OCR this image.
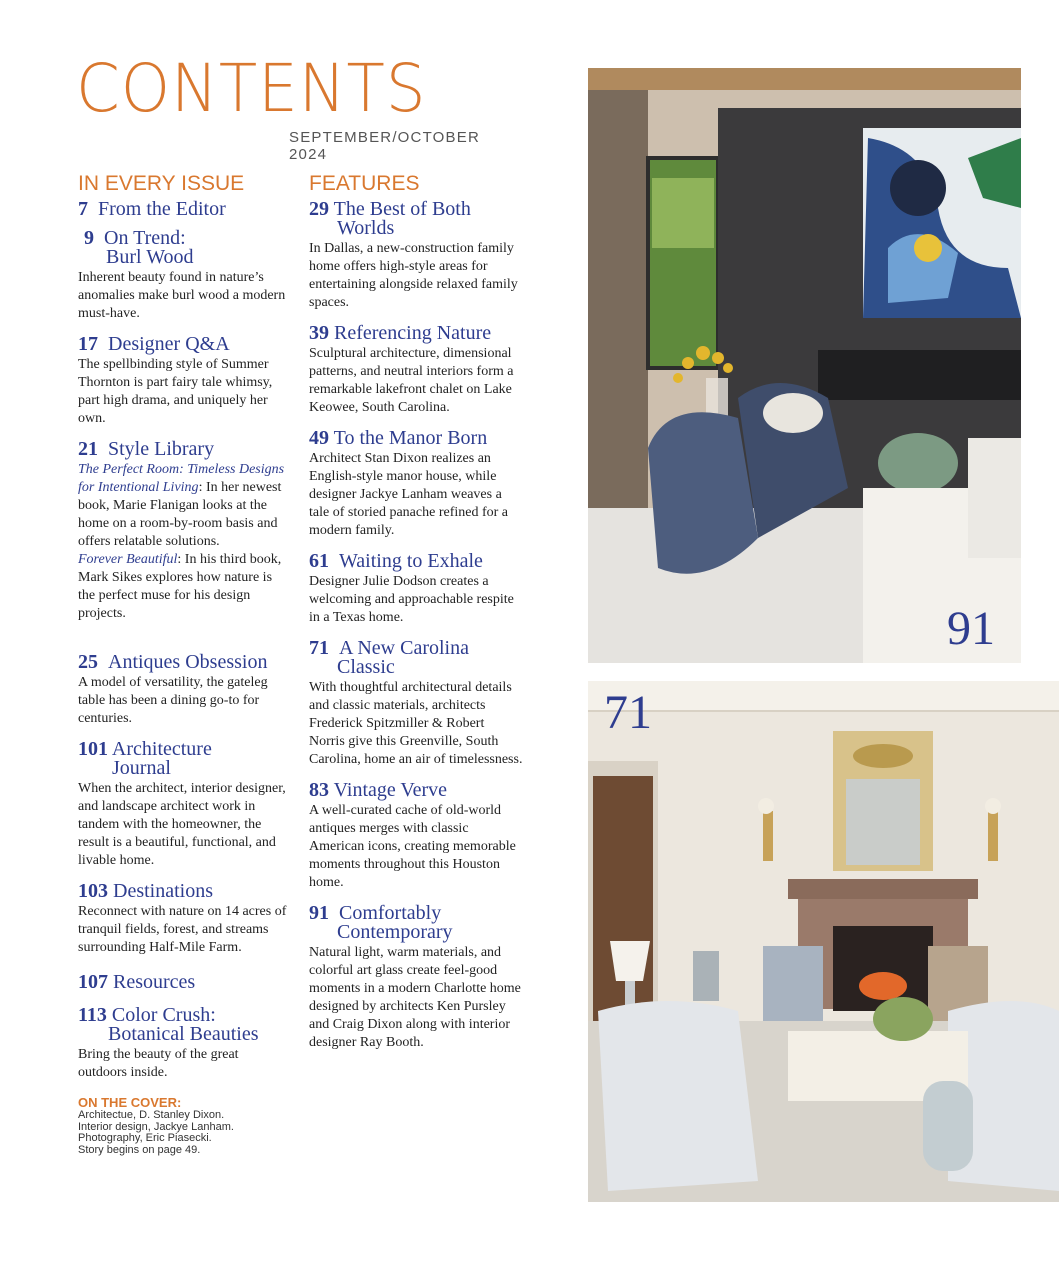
CONTENTS
SEPTEMBER/OCTOBER 2024
IN EVERY ISSUE
7 From the Editor
9 On Trend:
Burl Wood

Inherent beauty found in nature’s anomalies make burl wood a modern must-have.

17 Designer Q&A

The spellbinding style of Summer Thornton is part fairy tale whimsy, part high drama, and uniquely her own.

21 Style Library

The Perfect Room: Timeless Designs for Intentional Living: In her newest book, Marie Flanigan looks at the home on a room-by-room basis and offers relatable solutions.

Forever Beautiful: In his third book, Mark Sikes explores how nature is the perfect muse for his design projects.

25 Antiques Obsession

A model of versatility, the gateleg table has been a dining go-to for centuries.

101 Architecture
Journal

When the architect, interior designer, and landscape architect work in tandem with the homeowner, the result is a beautiful, functional, and livable home.

103 Destinations

Reconnect with nature on 14 acres of tranquil fields, forest, and streams surrounding Half-Mile Farm.

107 Resources
113 Color Crush:
Botanical Beauties

Bring the beauty of the great outdoors inside.

ON THE COVER:

Architectue, D. Stanley Dixon.

Interior design, Jackye Lanham.

Photography, Eric Piasecki.

Story begins on page 49.

FEATURES
29 The Best of Both
Worlds

In Dallas, a new-construction family home offers high-style areas for entertaining alongside relaxed family spaces.

39 Referencing Nature

Sculptural architecture, dimensional patterns, and neutral interiors form a remarkable lakefront chalet on Lake Keowee, South Carolina.

49 To the Manor Born

Architect Stan Dixon realizes an English-style manor house, while designer Jackye Lanham weaves a tale of storied panache refined for a modern family.

61 Waiting to Exhale

Designer Julie Dodson creates a welcoming and approachable respite in a Texas home.

71 A New Carolina
Classic

With thoughtful architectural details and classic materials, architects Frederick Spitzmiller & Robert Norris give this Greenville, South Carolina, home an air of timelessness.

83 Vintage Verve

A well-curated cache of old-world antiques merges with classic American icons, creating memorable moments throughout this Houston home.

91 Comfortably
Contemporary

Natural light, warm materials, and colorful art glass create feel-good moments in a modern Charlotte home designed by architects Ken Pursley and Craig Dixon along with interior designer Ray Booth.

91
71
